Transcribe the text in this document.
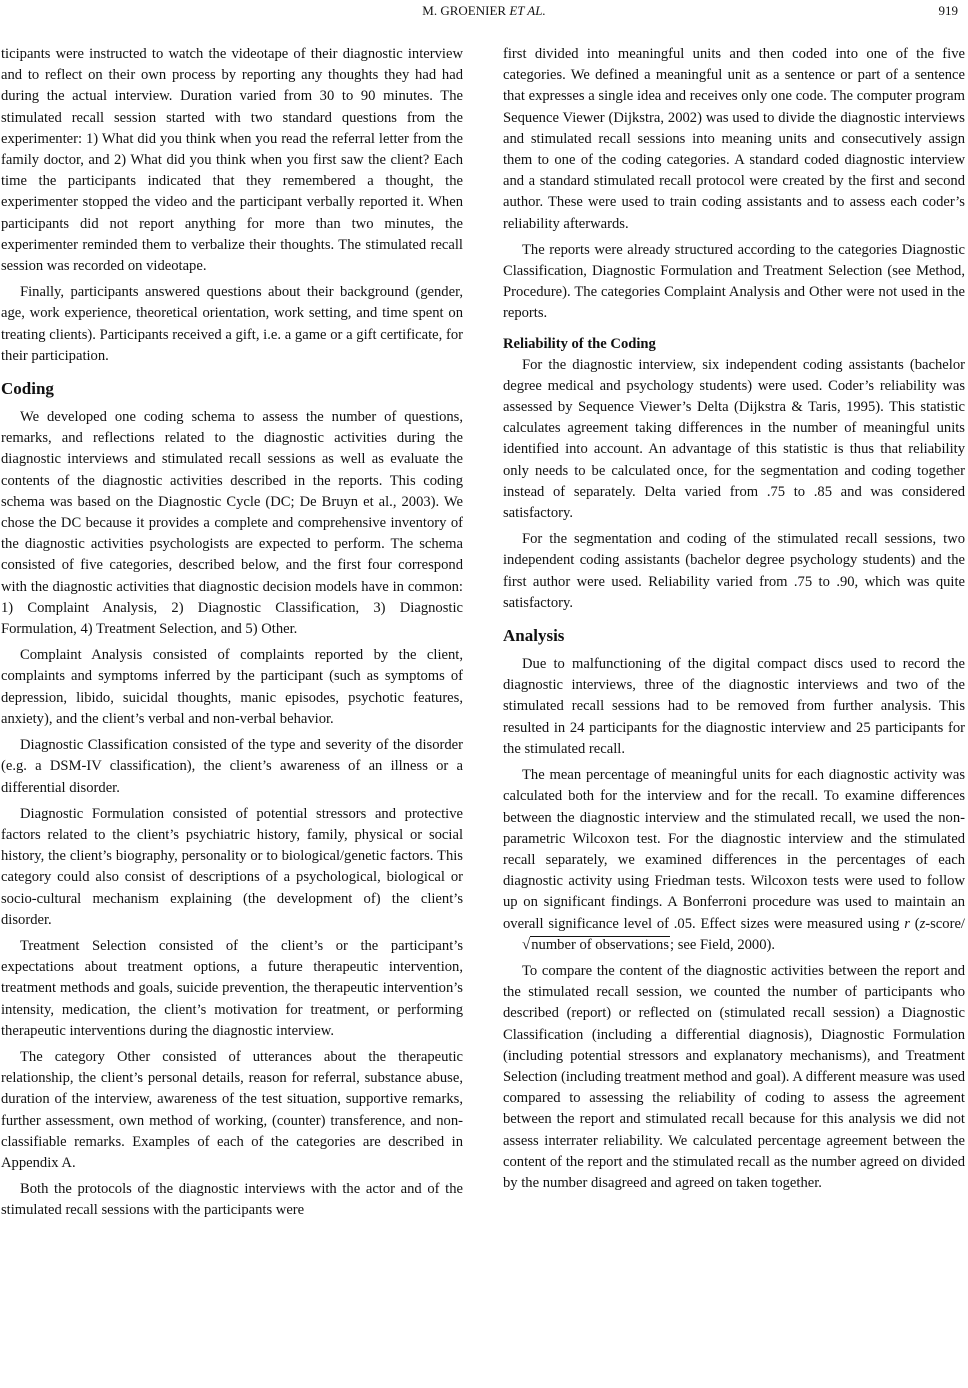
M. GROENIER ET AL.	919

ticipants were instructed to watch the videotape of their diagnostic interview and to reflect on their own process by reporting any thoughts they had had during the actual interview. Duration varied from 30 to 90 minutes. The stimulated recall session started with two standard questions from the experimenter: 1) What did you think when you read the referral letter from the family doctor, and 2) What did you think when you first saw the client? Each time the participants indicated that they remembered a thought, the experimenter stopped the video and the participant verbally reported it. When participants did not report anything for more than two minutes, the experimenter reminded them to verbalize their thoughts. The stimulated recall session was recorded on videotape.

Finally, participants answered questions about their background (gender, age, work experience, theoretical orientation, work setting, and time spent on treating clients). Participants received a gift, i.e. a game or a gift certificate, for their participation.

Coding

We developed one coding schema to assess the number of questions, remarks, and reflections related to the diagnostic activities during the diagnostic interviews and stimulated recall sessions as well as evaluate the contents of the diagnostic activities described in the reports. This coding schema was based on the Diagnostic Cycle (DC; De Bruyn et al., 2003). We chose the DC because it provides a complete and comprehensive inventory of the diagnostic activities psychologists are expected to perform. The schema consisted of five categories, described below, and the first four correspond with the diagnostic activities that diagnostic decision models have in common: 1) Complaint Analysis, 2) Diagnostic Classification, 3) Diagnostic Formulation, 4) Treatment Selection, and 5) Other.

Complaint Analysis consisted of complaints reported by the client, complaints and symptoms inferred by the participant (such as symptoms of depression, libido, suicidal thoughts, manic episodes, psychotic features, anxiety), and the client’s verbal and non-verbal behavior.

Diagnostic Classification consisted of the type and severity of the disorder (e.g. a DSM-IV classification), the client’s awareness of an illness or a differential disorder.

Diagnostic Formulation consisted of potential stressors and protective factors related to the client’s psychiatric history, family, physical or social history, the client’s biography, personality or to biological/genetic factors. This category could also consist of descriptions of a psychological, biological or socio-cultural mechanism explaining (the development of) the client’s disorder.

Treatment Selection consisted of the client’s or the participant’s expectations about treatment options, a future therapeutic intervention, treatment methods and goals, suicide prevention, the therapeutic intervention’s intensity, medication, the client’s motivation for treatment, or performing therapeutic interventions during the diagnostic interview.

The category Other consisted of utterances about the therapeutic relationship, the client’s personal details, reason for referral, substance abuse, duration of the interview, awareness of the test situation, supportive remarks, further assessment, own method of working, (counter) transference, and non-classifiable remarks. Examples of each of the categories are described in Appendix A.

Both the protocols of the diagnostic interviews with the actor and of the stimulated recall sessions with the participants were

first divided into meaningful units and then coded into one of the five categories. We defined a meaningful unit as a sentence or part of a sentence that expresses a single idea and receives only one code. The computer program Sequence Viewer (Dijkstra, 2002) was used to divide the diagnostic interviews and stimulated recall sessions into meaning units and consecutively assign them to one of the coding categories. A standard coded diagnostic interview and a standard stimulated recall protocol were created by the first and second author. These were used to train coding assistants and to assess each coder’s reliability afterwards.

The reports were already structured according to the categories Diagnostic Classification, Diagnostic Formulation and Treatment Selection (see Method, Procedure). The categories Complaint Analysis and Other were not used in the reports.

Reliability of the Coding

For the diagnostic interview, six independent coding assistants (bachelor degree medical and psychology students) were used. Coder’s reliability was assessed by Sequence Viewer’s Delta (Dijkstra & Taris, 1995). This statistic calculates agreement taking differences in the number of meaningful units identified into account. An advantage of this statistic is thus that reliability only needs to be calculated once, for the segmentation and coding together instead of separately. Delta varied from .75 to .85 and was considered satisfactory.

For the segmentation and coding of the stimulated recall sessions, two independent coding assistants (bachelor degree psychology students) and the first author were used. Reliability varied from .75 to .90, which was quite satisfactory.

Analysis

Due to malfunctioning of the digital compact discs used to record the diagnostic interviews, three of the diagnostic interviews and two of the stimulated recall sessions had to be removed from further analysis. This resulted in 24 participants for the diagnostic interview and 25 participants for the stimulated recall.

The mean percentage of meaningful units for each diagnostic activity was calculated both for the interview and for the recall. To examine differences between the diagnostic interview and the stimulated recall, we used the non-parametric Wilcoxon test. For the diagnostic interview and the stimulated recall separately, we examined differences in the percentages of each diagnostic activity using Friedman tests. Wilcoxon tests were used to follow up on significant findings. A Bonferroni procedure was used to maintain an overall significance level of .05. Effect sizes were measured using r (z-score/√number of observations; see Field, 2000).

To compare the content of the diagnostic activities between the report and the stimulated recall session, we counted the number of participants who described (report) or reflected on (stimulated recall session) a Diagnostic Classification (including a differential diagnosis), Diagnostic Formulation (including potential stressors and explanatory mechanisms), and Treatment Selection (including treatment method and goal). A different measure was used compared to assessing the reliability of coding to assess the agreement between the report and stimulated recall because for this analysis we did not assess interrater reliability. We calculated percentage agreement between the content of the report and the stimulated recall as the number agreed on divided by the number disagreed and agreed on taken together.
